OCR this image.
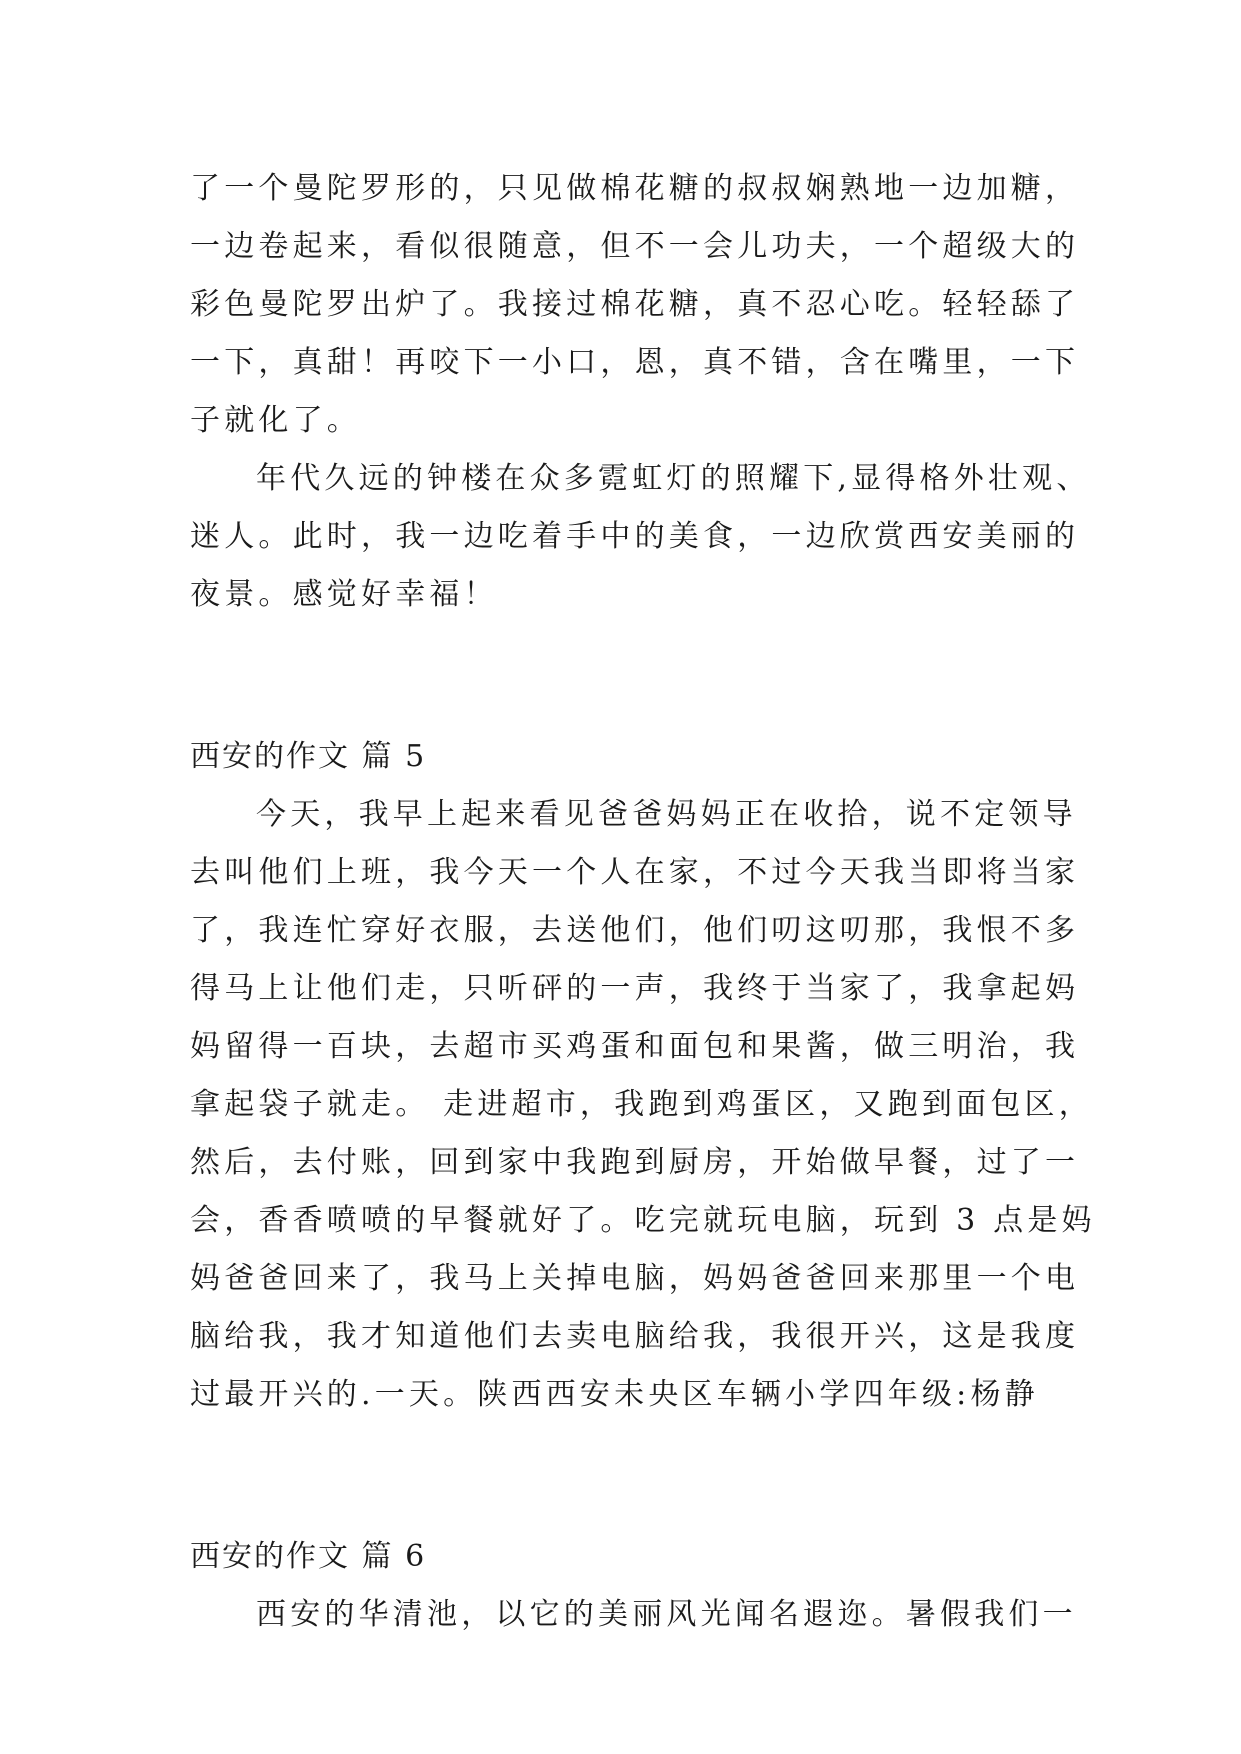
了一个曼陀罗形的，只见做棉花糖的叔叔娴熟地一边加糖，
一边卷起来，看似很随意，但不一会儿功夫，一个超级大的
彩色曼陀罗出炉了。我接过棉花糖，真不忍心吃。轻轻舔了
一下，真甜！再咬下一小口，恩，真不错，含在嘴里，一下
子就化了。
年代久远的钟楼在众多霓虹灯的照耀下,显得格外壮观、
迷人。此时，我一边吃着手中的美食，一边欣赏西安美丽的
夜景。感觉好幸福！
西安的作文 篇 5
今天，我早上起来看见爸爸妈妈正在收拾，说不定领导
去叫他们上班，我今天一个人在家，不过今天我当即将当家
了，我连忙穿好衣服，去送他们，他们叨这叨那，我恨不多
得马上让他们走，只听砰的一声，我终于当家了，我拿起妈
妈留得一百块，去超市买鸡蛋和面包和果酱，做三明治，我
拿起袋子就走。 走进超市，我跑到鸡蛋区，又跑到面包区，
然后，去付账，回到家中我跑到厨房，开始做早餐，过了一
会，香香喷喷的早餐就好了。吃完就玩电脑，玩到 3 点是妈
妈爸爸回来了，我马上关掉电脑，妈妈爸爸回来那里一个电
脑给我，我才知道他们去卖电脑给我，我很开兴，这是我度
过最开兴的.一天。陕西西安未央区车辆小学四年级:杨静
西安的作文 篇 6
西安的华清池，以它的美丽风光闻名遐迩。暑假我们一
